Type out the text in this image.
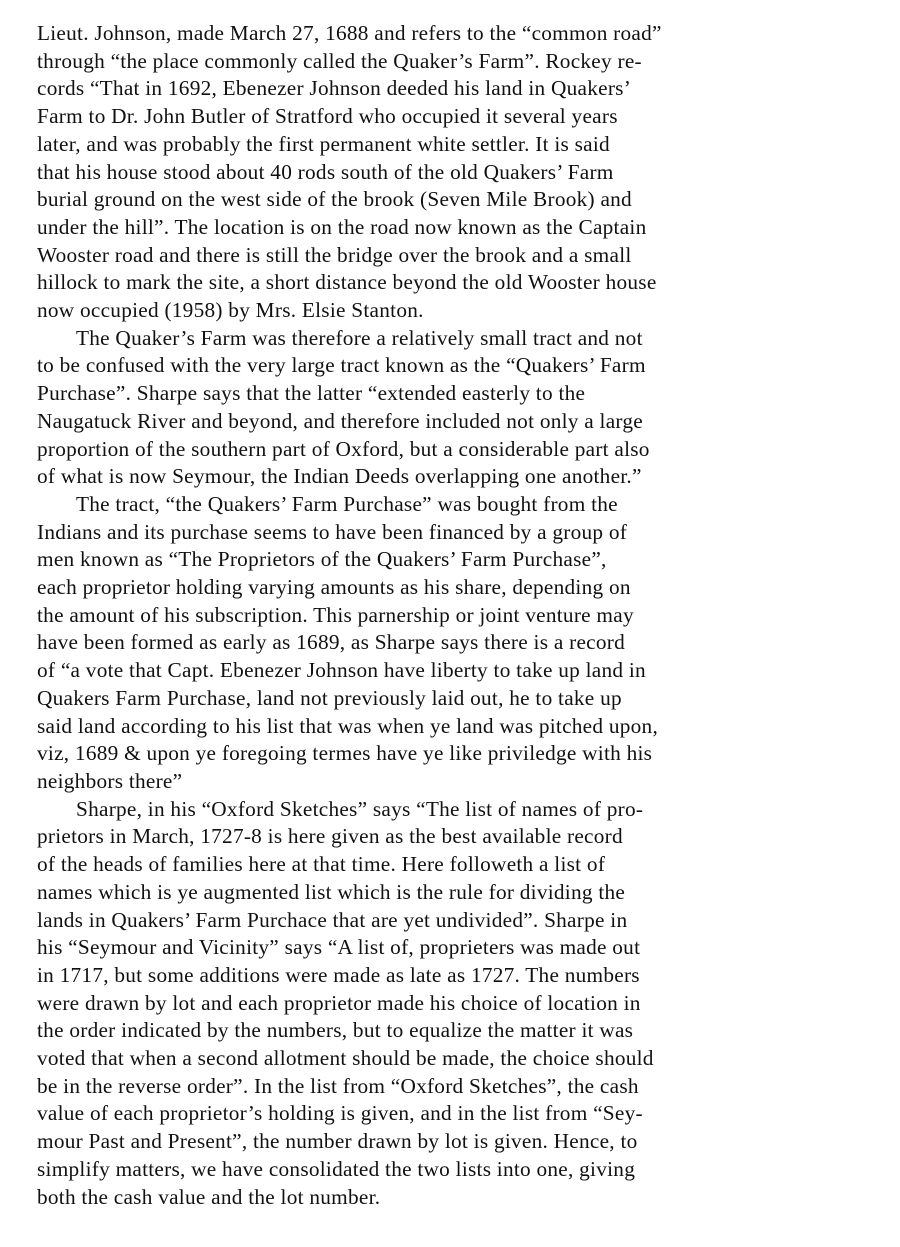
Lieut. Johnson, made March 27, 1688 and refers to the “common road”
through “the place commonly called the Quaker’s Farm”. Rockey re-
cords “That in 1692, Ebenezer Johnson deeded his land in Quakers’
Farm to Dr. John Butler of Stratford who occupied it several years
later, and was probably the first permanent white settler. It is said
that his house stood about 40 rods south of the old Quakers’ Farm
burial ground on the west side of the brook (Seven Mile Brook) and
under the hill”. The location is on the road now known as the Captain
Wooster road and there is still the bridge over the brook and a small
hillock to mark the site, a short distance beyond the old Wooster house
now occupied (1958) by Mrs. Elsie Stanton.
The Quaker’s Farm was therefore a relatively small tract and not
to be confused with the very large tract known as the “Quakers’ Farm
Purchase”. Sharpe says that the latter “extended easterly to the
Naugatuck River and beyond, and therefore included not only a large
proportion of the southern part of Oxford, but a considerable part also
of what is now Seymour, the Indian Deeds overlapping one another.”
The tract, “the Quakers’ Farm Purchase” was bought from the
Indians and its purchase seems to have been financed by a group of
men known as “The Proprietors of the Quakers’ Farm Purchase”,
each proprietor holding varying amounts as his share, depending on
the amount of his subscription. This parnership or joint venture may
have been formed as early as 1689, as Sharpe says there is a record
of “a vote that Capt. Ebenezer Johnson have liberty to take up land in
Quakers Farm Purchase, land not previously laid out, he to take up
said land according to his list that was when ye land was pitched upon,
viz, 1689 & upon ye foregoing termes have ye like priviledge with his
neighbors there”
Sharpe, in his “Oxford Sketches” says “The list of names of pro-
prietors in March, 1727-8 is here given as the best available record
of the heads of families here at that time. Here followeth a list of
names which is ye augmented list which is the rule for dividing the
lands in Quakers’ Farm Purchace that are yet undivided”. Sharpe in
his “Seymour and Vicinity” says “A list of, proprieters was made out
in 1717, but some additions were made as late as 1727. The numbers
were drawn by lot and each proprietor made his choice of location in
the order indicated by the numbers, but to equalize the matter it was
voted that when a second allotment should be made, the choice should
be in the reverse order”. In the list from “Oxford Sketches”, the cash
value of each proprietor’s holding is given, and in the list from “Sey-
mour Past and Present”, the number drawn by lot is given. Hence, to
simplify matters, we have consolidated the two lists into one, giving
both the cash value and the lot number.
